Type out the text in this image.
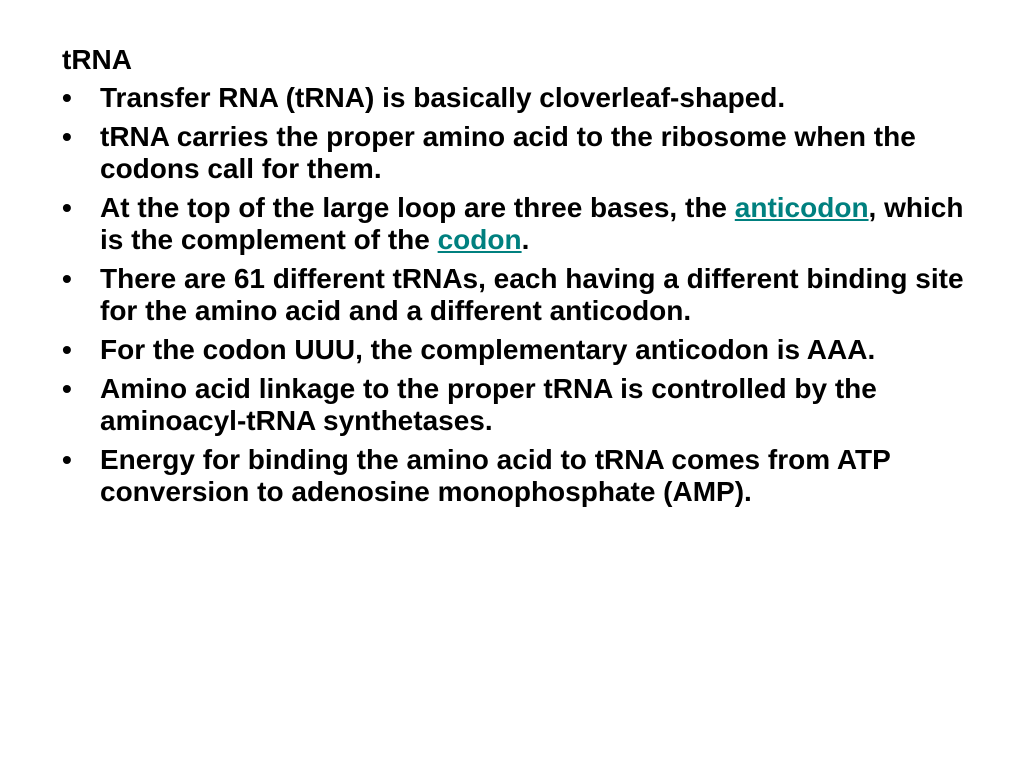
tRNA
•	Transfer RNA (tRNA) is basically cloverleaf-shaped.
•	tRNA carries the proper amino acid to the ribosome when the codons call for them.
•	At the top of the large loop are three bases, the anticodon, which is the complement of the codon.
•	There are 61 different tRNAs, each having a different binding site for the amino acid and a different anticodon.
•	For the codon UUU, the complementary anticodon is AAA.
•	Amino acid linkage to the proper tRNA is controlled by the aminoacyl-tRNA synthetases.
•	Energy for binding the amino acid to tRNA comes from ATP conversion to adenosine monophosphate (AMP).
